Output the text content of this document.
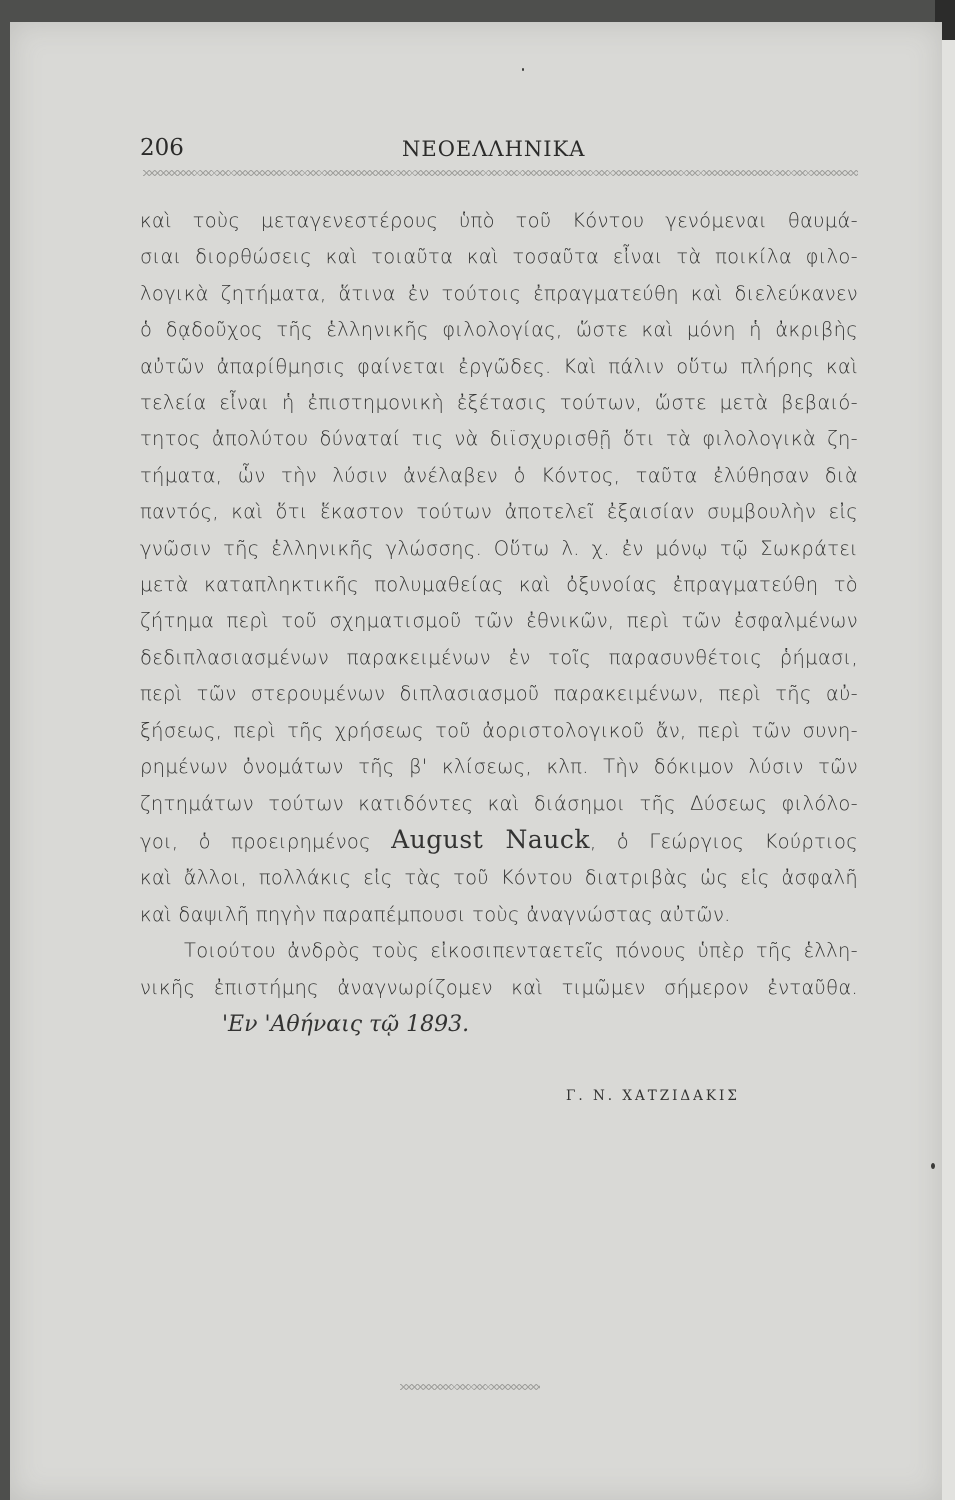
206	ΝΕΟΕΛΛΗΝΙΚΑ
καὶ τοὺς μεταγενεστέρους ὑπὸ τοῦ Κόντου γενόμεναι θαυμά-
σιαι διορθώσεις καὶ τοιαῦτα καὶ τοσαῦτα εἶναι τὰ ποικίλα φιλο-
λογικὰ ζητήματα, ἅτινα ἐν τούτοις ἐπραγματεύθη καὶ διελεύκανεν
ὁ δᾳδοῦχος τῆς ἑλληνικῆς φιλολογίας, ὥστε καὶ μόνη ἡ ἀκριβὴς
αὐτῶν ἀπαρίθμησις φαίνεται ἐργῶδες. Καὶ πάλιν οὕτω πλήρης καὶ
τελεία εἶναι ἡ ἐπιστημονικὴ ἐξέτασις τούτων, ὥστε μετὰ βεβαιό-
τητος ἀπολύτου δύναταί τις νὰ διϊσχυρισθῇ ὅτι τὰ φιλολογικὰ ζη-
τήματα, ὧν τὴν λύσιν ἀνέλαβεν ὁ Κόντος, ταῦτα ἐλύθησαν διὰ
παντός, καὶ ὅτι ἕκαστον τούτων ἀποτελεῖ ἐξαισίαν συμβουλὴν εἰς
γνῶσιν τῆς ἑλληνικῆς γλώσσης. Οὕτω λ. χ. ἐν μόνῳ τῷ Σωκράτει
μετὰ καταπληκτικῆς πολυμαθείας καὶ ὀξυνοίας ἐπραγματεύθη τὸ
ζήτημα περὶ τοῦ σχηματισμοῦ τῶν ἐθνικῶν, περὶ τῶν ἐσφαλμένων
δεδιπλασιασμένων παρακειμένων ἐν τοῖς παρασυνθέτοις ῥήμασι,
περὶ τῶν στερουμένων διπλασιασμοῦ παρακειμένων, περὶ τῆς αὐ-
ξήσεως, περὶ τῆς χρήσεως τοῦ ἀοριστολογικοῦ ἄν, περὶ τῶν συνη-
ρημένων ὀνομάτων τῆς β' κλίσεως, κλπ. Τὴν δόκιμον λύσιν τῶν
ζητημάτων τούτων κατιδόντες καὶ διάσημοι τῆς Δύσεως φιλόλο-
γοι, ὁ προειρημένος August Nauck, ὁ Γεώργιος Κούρτιος
καὶ ἄλλοι, πολλάκις εἰς τὰς τοῦ Κόντου διατριβὰς ὡς εἰς ἀσφαλῆ
καὶ δαψιλῆ πηγὴν παραπέμπουσι τοὺς ἀναγνώστας αὐτῶν.
Τοιούτου ἀνδρὸς τοὺς εἰκοσιπενταετεῖς πόνους ὑπὲρ τῆς ἑλλη-
νικῆς ἐπιστήμης ἀναγνωρίζομεν καὶ τιμῶμεν σήμερον ἐνταῦθα.
'Εν 'Αθήναις τῷ 1893.
Γ. Ν. ΧΑΤΖΙΔΑΚΙΣ
